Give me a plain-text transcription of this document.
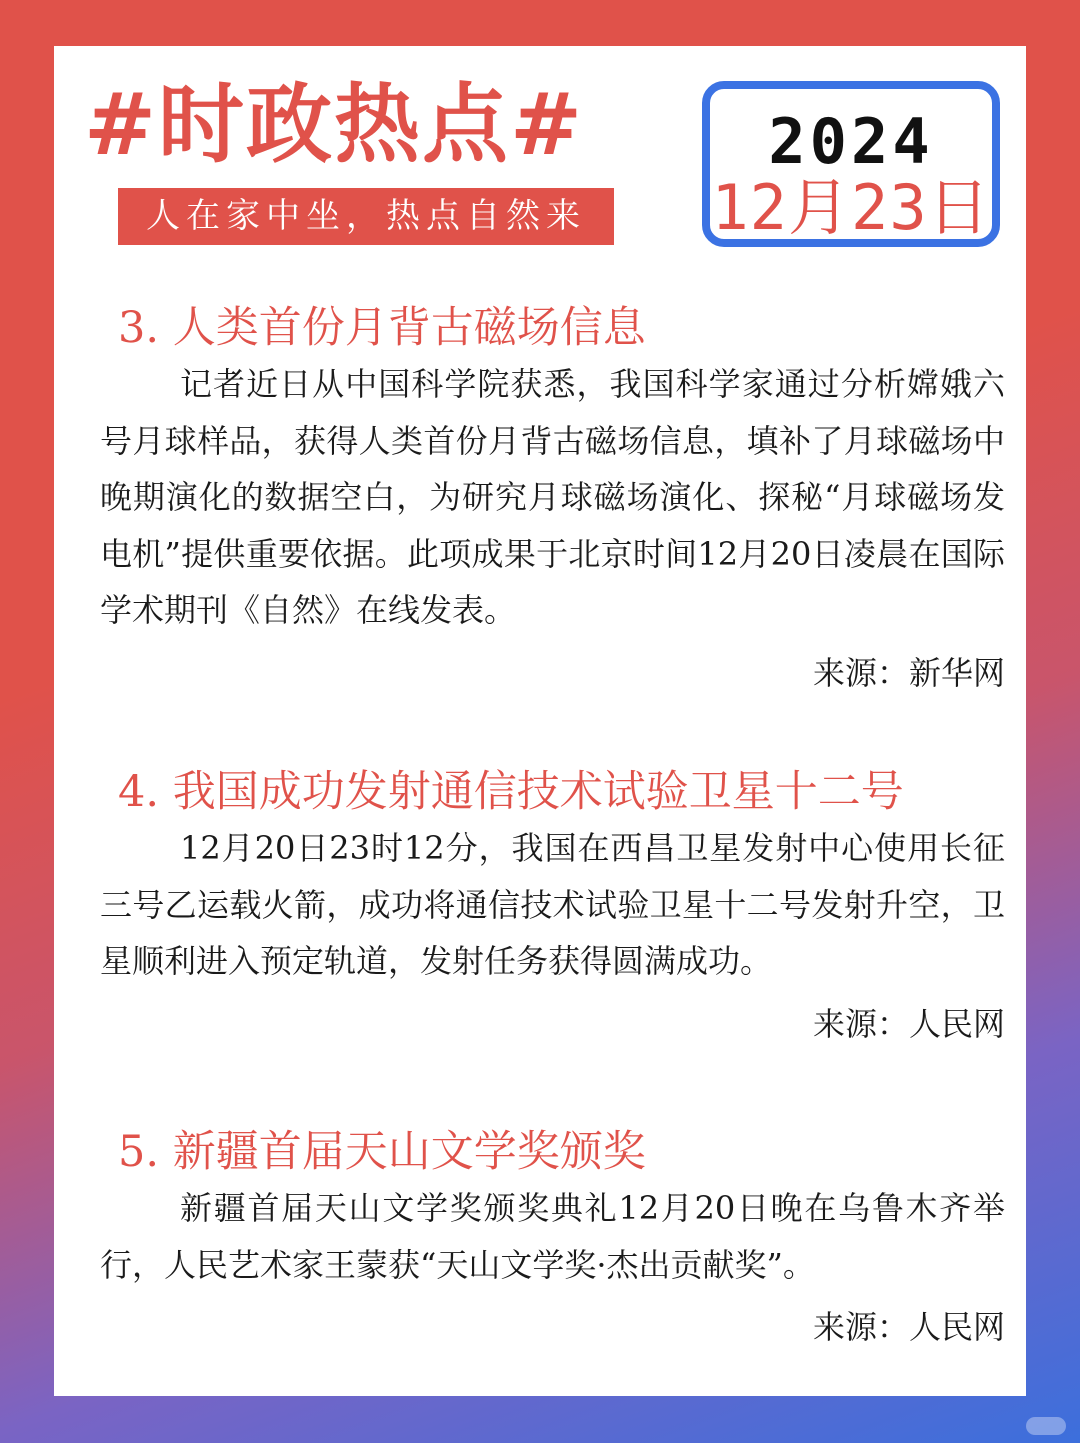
#时政热点#
人在家中坐，热点自然来
2024
12月23日
3. 人类首份月背古磁场信息

记者近日从中国科学院获悉，我国科学家通过分析嫦娥六号月球样品，获得人类首份月背古磁场信息，填补了月球磁场中晚期演化的数据空白，为研究月球磁场演化、探秘“月球磁场发电机”提供重要依据。此项成果于北京时间12月20日凌晨在国际学术期刊《自然》在线发表。

来源：新华网
4. 我国成功发射通信技术试验卫星十二号

12月20日23时12分，我国在西昌卫星发射中心使用长征三号乙运载火箭，成功将通信技术试验卫星十二号发射升空，卫星顺利进入预定轨道，发射任务获得圆满成功。

来源：人民网
5. 新疆首届天山文学奖颁奖

新疆首届天山文学奖颁奖典礼12月20日晚在乌鲁木齐举行，人民艺术家王蒙获“天山文学奖·杰出贡献奖”。

来源：人民网
